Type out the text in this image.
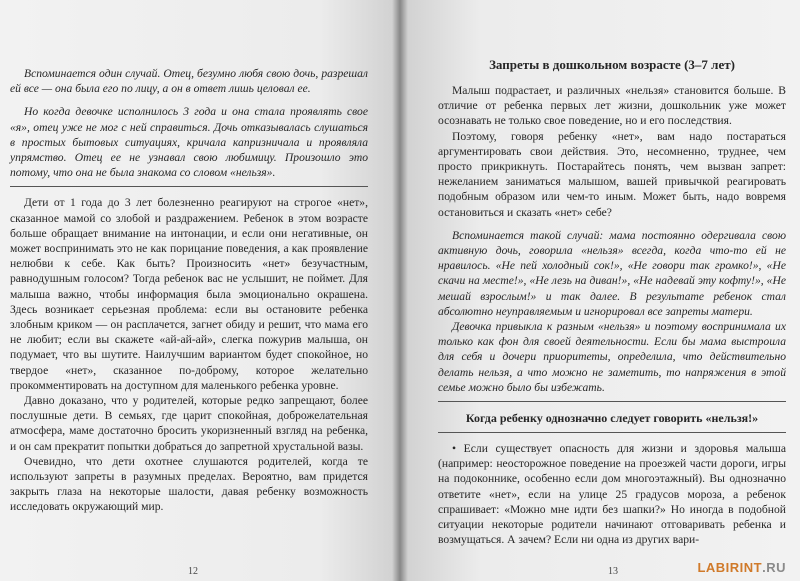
Вспоминается один случай. Отец, безумно любя свою дочь, разрешал ей все — она была его по лицу, а он в ответ лишь целовал ее.

Но когда девочке исполнилось 3 года и она стала проявлять свое «я», отец уже не мог с ней справиться. Дочь отказывалась слушаться в простых бытовых ситуациях, кричала капризничала и проявляла упрямство. Отец ее не узнавал свою любимицу. Произошло это потому, что она не была знакома со словом «нельзя».

Дети от 1 года до 3 лет болезненно реагируют на строгое «нет», сказанное мамой со злобой и раздражением. Ребенок в этом возрасте больше обращает внимание на интонации, и если они негативные, он может воспринимать это не как порицание поведения, а как проявление нелюбви к себе. Как быть? Произносить «нет» безучастным, равнодушным голосом? Тогда ребенок вас не услышит, не поймет. Для малыша важно, чтобы информация была эмоционально окрашена. Здесь возникает серьезная проблема: если вы остановите ребенка злобным криком — он расплачется, загнет обиду и решит, что мама его не любит; если вы скажете «ай-ай-ай», слегка пожурив малыша, он подумает, что вы шутите. Наилучшим вариантом будет спокойное, но твердое «нет», сказанное по-доброму, которое желательно прокомментировать на доступном для маленького ребенка уровне.

Давно доказано, что у родителей, которые редко запрещают, более послушные дети. В семьях, где царит спокойная, доброжелательная атмосфера, маме достаточно бросить укоризненный взгляд на ребенка, и он сам прекратит попытки добраться до запретной хрустальной вазы.

Очевидно, что дети охотнее слушаются родителей, когда те используют запреты в разумных пределах. Вероятно, вам придется закрыть глаза на некоторые шалости, давая ребенку возможность исследовать окружающий мир.

12
Запреты в дошкольном возрасте (3–7 лет)

Малыш подрастает, и различных «нельзя» становится больше. В отличие от ребенка первых лет жизни, дошкольник уже может осознавать не только свое поведение, но и его последствия.

Поэтому, говоря ребенку «нет», вам надо постараться аргументировать свои действия. Это, несомненно, труднее, чем просто прикрикнуть. Постарайтесь понять, чем вызван запрет: нежеланием заниматься малышом, вашей привычкой реагировать подобным образом или чем-то иным. Может быть, надо вовремя остановиться и сказать «нет» себе?

Вспоминается такой случай: мама постоянно одергивала свою активную дочь, говорила «нельзя» всегда, когда что-то ей не нравилось. «Не пей холодный сок!», «Не говори так громко!», «Не скачи на месте!», «Не лезь на диван!», «Не надевай эту кофту!», «Не мешай взрослым!» и так далее. В результате ребенок стал абсолютно неуправляемым и игнорировал все запреты матери.

Девочка привыкла к разным «нельзя» и поэтому воспринимала их только как фон для своей деятельности. Если бы мама выстроила для себя и дочери приоритеты, определила, что действительно делать нельзя, а что можно не заметить, то напряжения в этой семье можно было бы избежать.

Когда ребенку однозначно следует говорить «нельзя!»

• Если существует опасность для жизни и здоровья малыша (например: неосторожное поведение на проезжей части дороги, игры на подоконнике, особенно если дом многоэтажный). Вы однозначно ответите «нет», если на улице 25 градусов мороза, а ребенок спрашивает: «Можно мне идти без шапки?» Но иногда в подобной ситуации некоторые родители начинают отговаривать ребенка и возмущаться. А зачем? Если ни одна из других вари-

13	LABIRINT.RU
